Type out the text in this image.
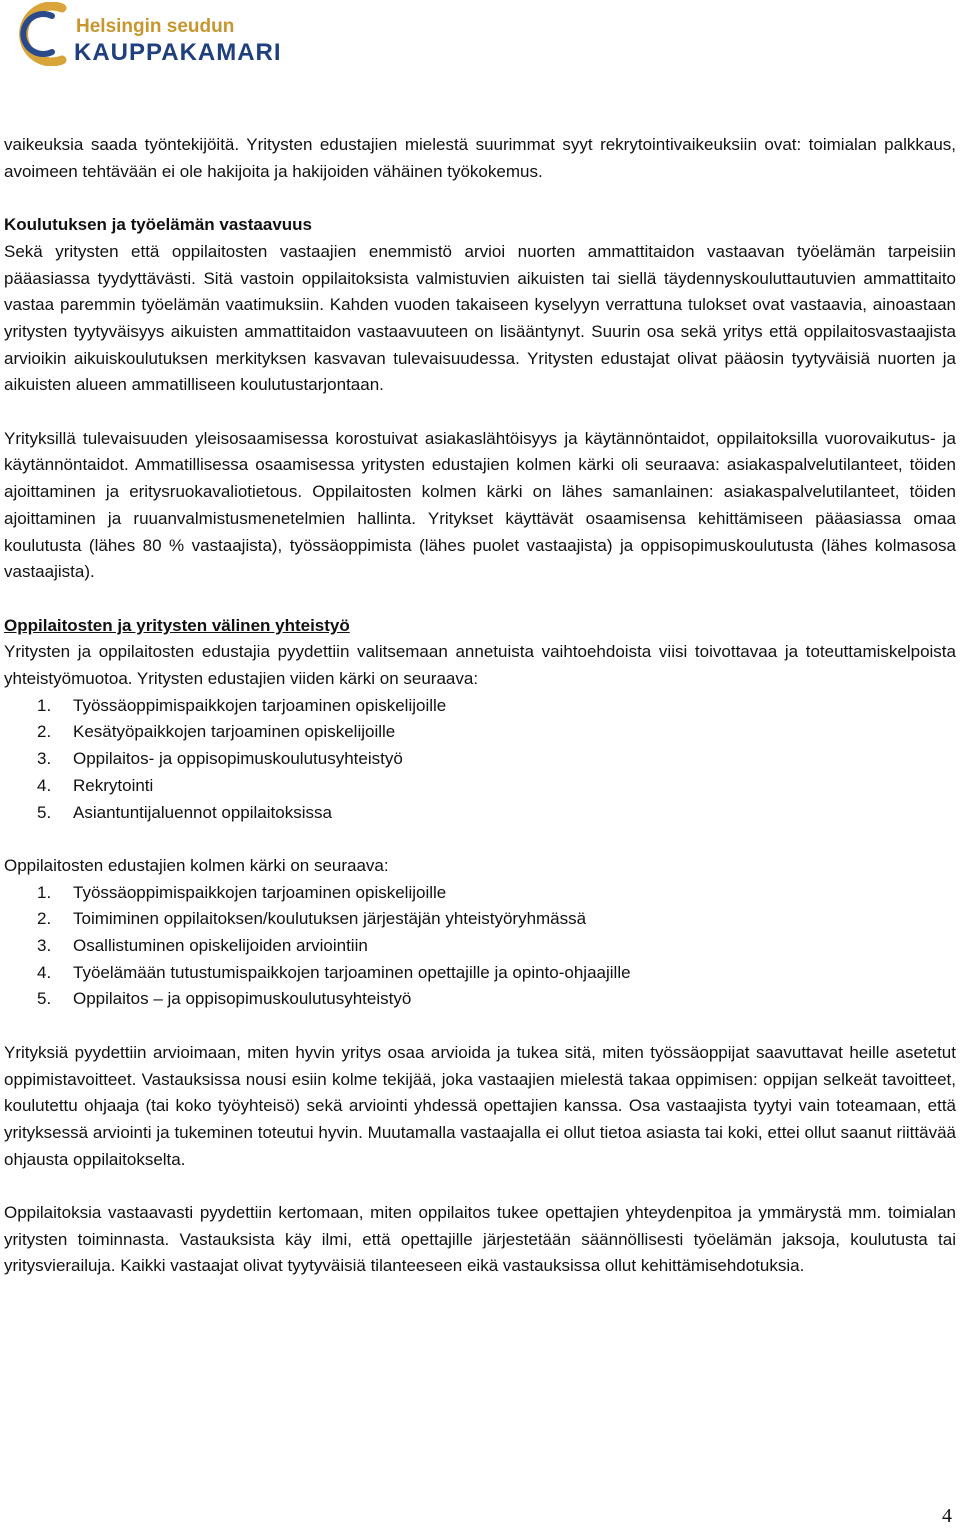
Helsingin seudun
KAUPPAKAMARI

vaikeuksia saada työntekijöitä. Yritysten edustajien mielestä suurimmat syyt rekrytointivaikeuksiin ovat: toimialan palkkaus, avoimeen tehtävään ei ole hakijoita ja hakijoiden vähäinen työkokemus.

Koulutuksen ja työelämän vastaavuus
Sekä yritysten että oppilaitosten vastaajien enemmistö arvioi nuorten ammattitaidon vastaavan työelämän tarpeisiin pääasiassa tyydyttävästi. Sitä vastoin oppilaitoksista valmistuvien aikuisten tai siellä täydennyskouluttautuvien ammattitaito vastaa paremmin työelämän vaatimuksiin. Kahden vuoden takaiseen kyselyyn verrattuna tulokset ovat vastaavia, ainoastaan yritysten tyytyväisyys aikuisten ammattitaidon vastaavuuteen on lisääntynyt. Suurin osa sekä yritys että oppilaitosvastaajista arvioikin aikuiskoulutuksen merkityksen kasvavan tulevaisuudessa. Yritysten edustajat olivat pääosin tyytyväisiä nuorten ja aikuisten alueen ammatilliseen koulutustarjontaan.

Yrityksillä tulevaisuuden yleisosaamisessa korostuivat asiakaslähtöisyys ja käytännöntaidot, oppilaitoksilla vuorovaikutus- ja käytännöntaidot. Ammatillisessa osaamisessa yritysten edustajien kolmen kärki oli seuraava: asiakaspalvelutilanteet, töiden ajoittaminen ja eritysruokavaliotietous. Oppilaitosten kolmen kärki on lähes samanlainen: asiakaspalvelutilanteet, töiden ajoittaminen ja ruuanvalmistusmenetelmien hallinta. Yritykset käyttävät osaamisensa kehittämiseen pääasiassa omaa koulutusta (lähes 80 % vastaajista), työssäoppimista (lähes puolet vastaajista) ja oppisopimuskoulutusta (lähes kolmasosa vastaajista).

Oppilaitosten ja yritysten välinen yhteistyö
Yritysten ja oppilaitosten edustajia pyydettiin valitsemaan annetuista vaihtoehdoista viisi toivottavaa ja toteuttamiskelpoista yhteistyömuotoa. Yritysten edustajien viiden kärki on seuraava:
1. Työssäoppimispaikkojen tarjoaminen opiskelijoille
2. Kesätyöpaikkojen tarjoaminen opiskelijoille
3. Oppilaitos- ja oppisopimuskoulutusyhteistyö
4. Rekrytointi
5. Asiantuntijaluennot oppilaitoksissa
Oppilaitosten edustajien kolmen kärki on seuraava:
1. Työssäoppimispaikkojen tarjoaminen opiskelijoille
2. Toimiminen oppilaitoksen/koulutuksen järjestäjän yhteistyöryhmässä
3. Osallistuminen opiskelijoiden arviointiin
4. Työelämään tutustumispaikkojen tarjoaminen opettajille ja opinto-ohjaajille
5. Oppilaitos – ja oppisopimuskoulutusyhteistyö

Yrityksiä pyydettiin arvioimaan, miten hyvin yritys osaa arvioida ja tukea sitä, miten työssäoppijat saavuttavat heille asetetut oppimistavoitteet. Vastauksissa nousi esiin kolme tekijää, joka vastaajien mielestä takaa oppimisen: oppijan selkeät tavoitteet, koulutettu ohjaaja (tai koko työyhteisö) sekä arviointi yhdessä opettajien kanssa. Osa vastaajista tyytyi vain toteamaan, että yrityksessä arviointi ja tukeminen toteutui hyvin. Muutamalla vastaajalla ei ollut tietoa asiasta tai koki, ettei ollut saanut riittävää ohjausta oppilaitokselta.

Oppilaitoksia vastaavasti pyydettiin kertomaan, miten oppilaitos tukee opettajien yhteydenpitoa ja ymmärystä mm. toimialan yritysten toiminnasta. Vastauksista käy ilmi, että opettajille järjestetään säännöllisesti työelämän jaksoja, koulutusta tai yritysvierailuja. Kaikki vastaajat olivat tyytyväisiä tilanteeseen eikä vastauksissa ollut kehittämisehdotuksia.

4
